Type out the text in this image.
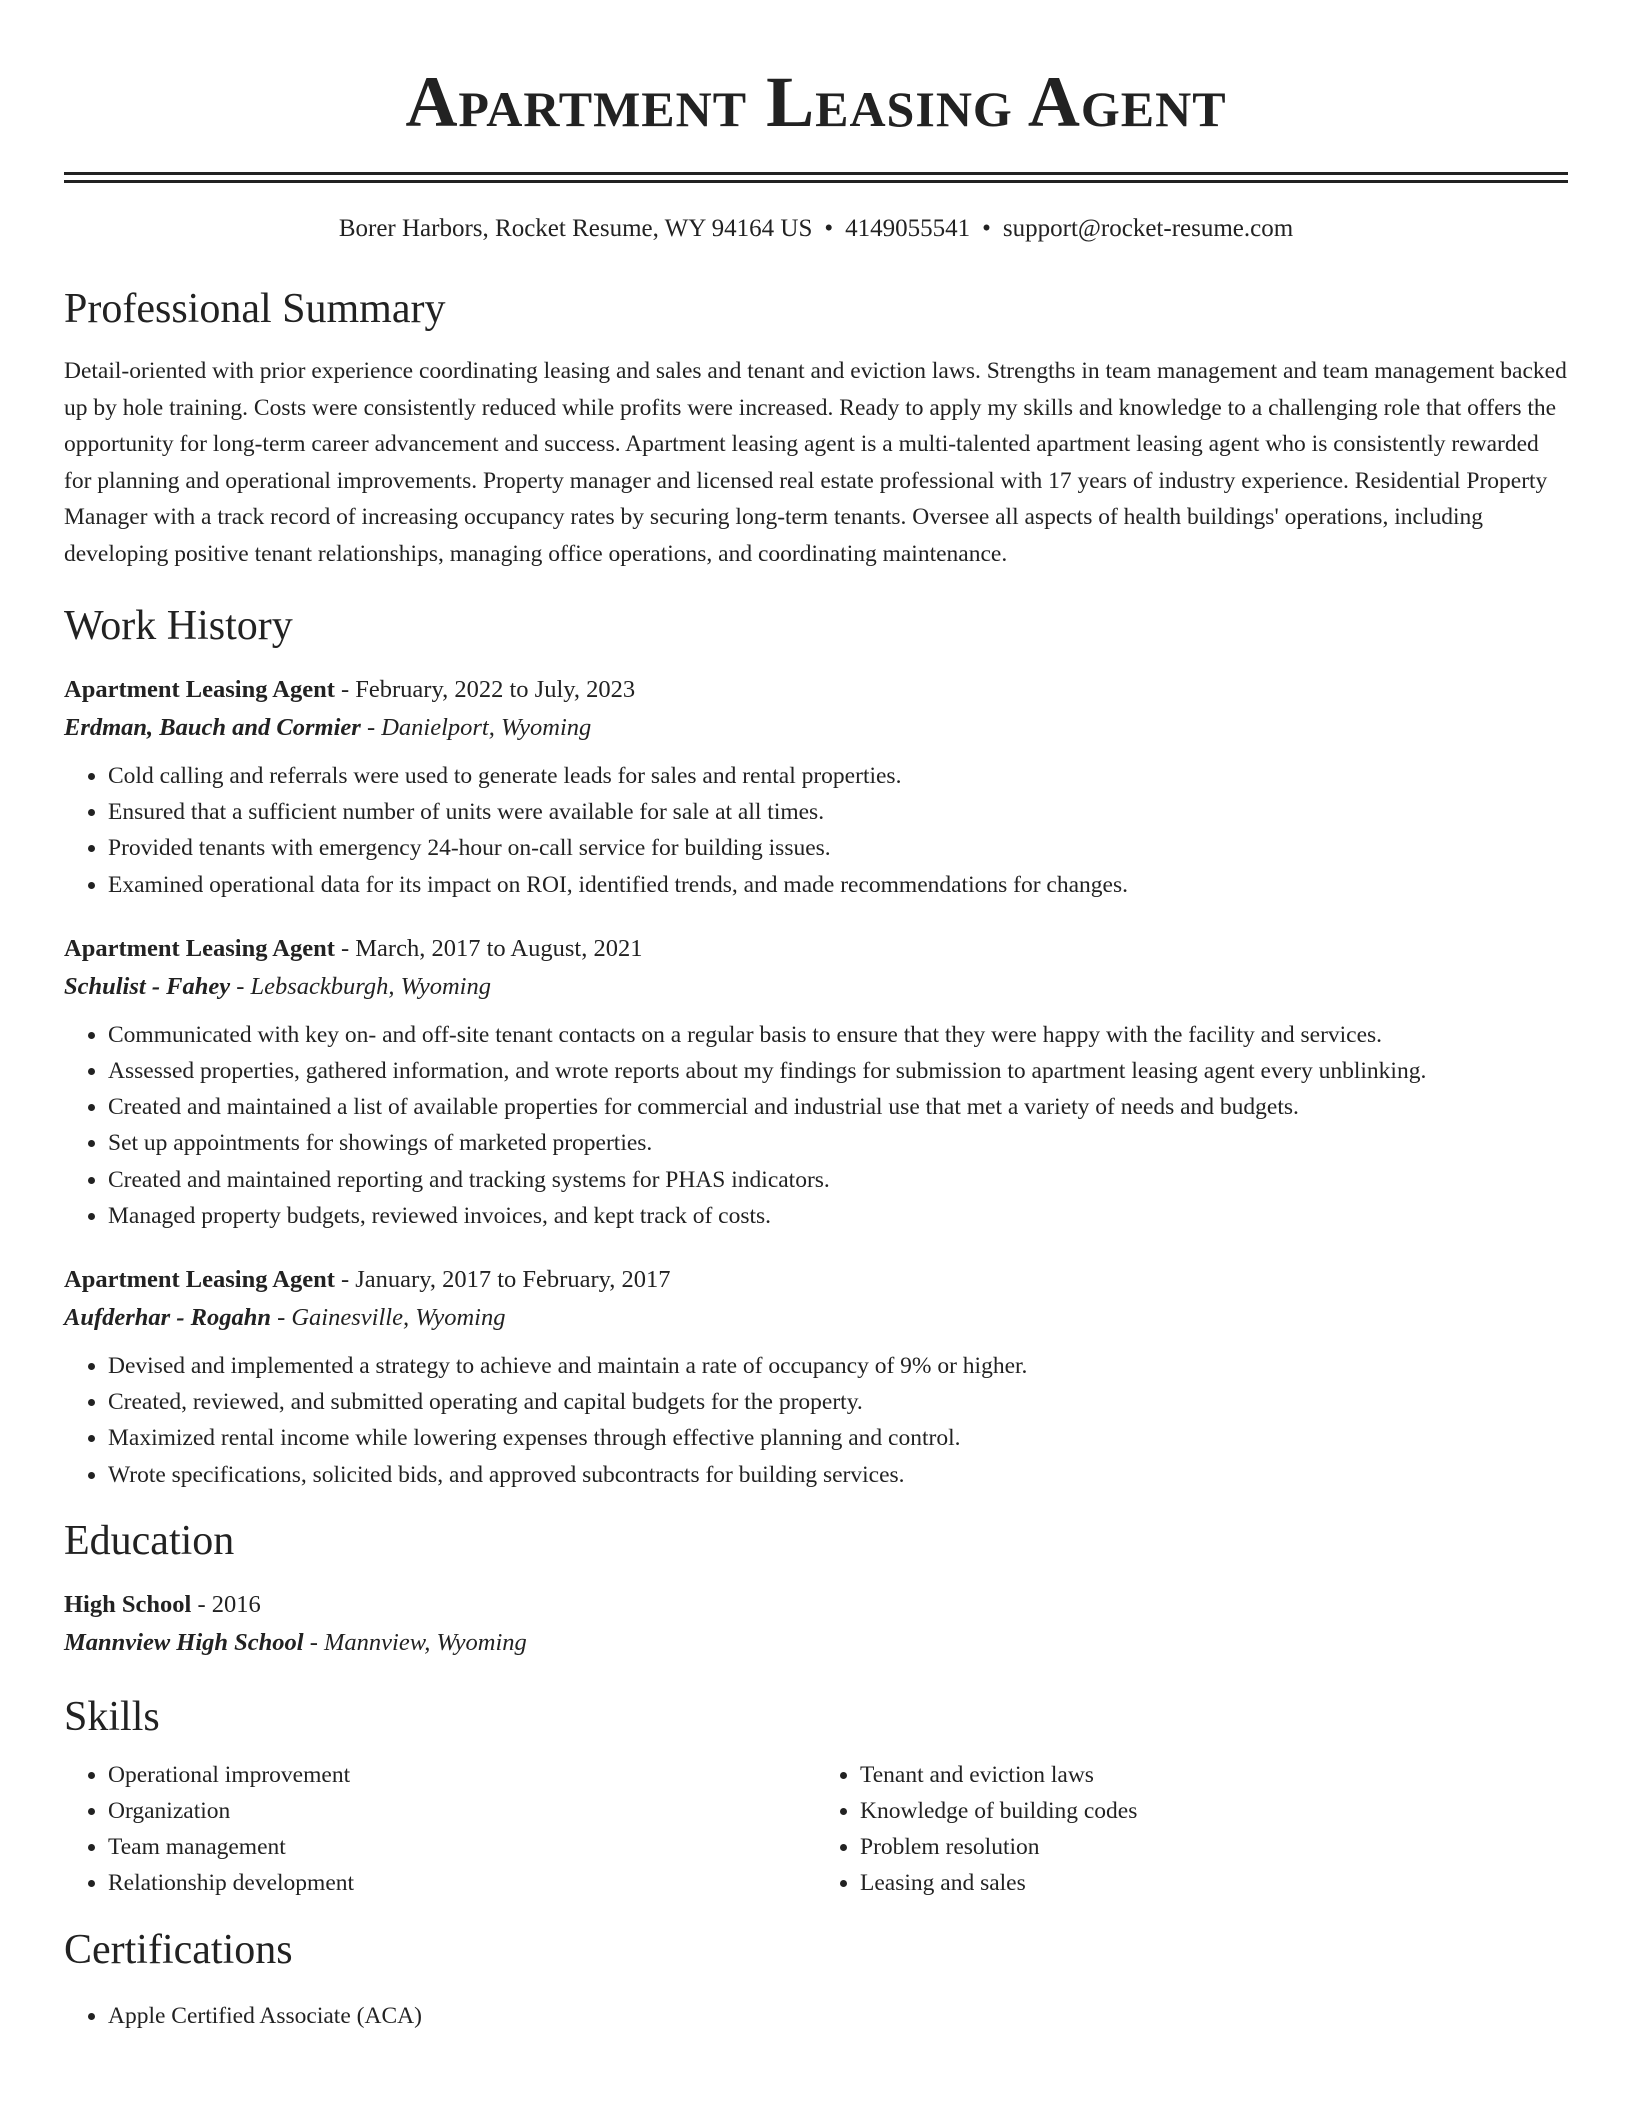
Apartment Leasing Agent
Borer Harbors, Rocket Resume, WY 94164 US • 4149055541 • support@rocket-resume.com
Professional Summary

Detail-oriented with prior experience coordinating leasing and sales and tenant and eviction laws. Strengths in team management and team management backed up by hole training. Costs were consistently reduced while profits were increased. Ready to apply my skills and knowledge to a challenging role that offers the opportunity for long-term career advancement and success. Apartment leasing agent is a multi-talented apartment leasing agent who is consistently rewarded for planning and operational improvements. Property manager and licensed real estate professional with 17 years of industry experience. Residential Property Manager with a track record of increasing occupancy rates by securing long-term tenants. Oversee all aspects of health buildings' operations, including developing positive tenant relationships, managing office operations, and coordinating maintenance.

Work History
Apartment Leasing Agent - February, 2022 to July, 2023
Erdman, Bauch and Cormier - Danielport, Wyoming
• Cold calling and referrals were used to generate leads for sales and rental properties.
• Ensured that a sufficient number of units were available for sale at all times.
• Provided tenants with emergency 24-hour on-call service for building issues.
• Examined operational data for its impact on ROI, identified trends, and made recommendations for changes.
Apartment Leasing Agent - March, 2017 to August, 2021
Schulist - Fahey - Lebsackburgh, Wyoming
• Communicated with key on- and off-site tenant contacts on a regular basis to ensure that they were happy with the facility and services.
• Assessed properties, gathered information, and wrote reports about my findings for submission to apartment leasing agent every unblinking.
• Created and maintained a list of available properties for commercial and industrial use that met a variety of needs and budgets.
• Set up appointments for showings of marketed properties.
• Created and maintained reporting and tracking systems for PHAS indicators.
• Managed property budgets, reviewed invoices, and kept track of costs.
Apartment Leasing Agent - January, 2017 to February, 2017
Aufderhar - Rogahn - Gainesville, Wyoming
• Devised and implemented a strategy to achieve and maintain a rate of occupancy of 9% or higher.
• Created, reviewed, and submitted operating and capital budgets for the property.
• Maximized rental income while lowering expenses through effective planning and control.
• Wrote specifications, solicited bids, and approved subcontracts for building services.
Education
High School - 2016
Mannview High School - Mannview, Wyoming
Skills
• Operational improvement
• Organization
• Team management
• Relationship development
• Tenant and eviction laws
• Knowledge of building codes
• Problem resolution
• Leasing and sales
Certifications
• Apple Certified Associate (ACA)
